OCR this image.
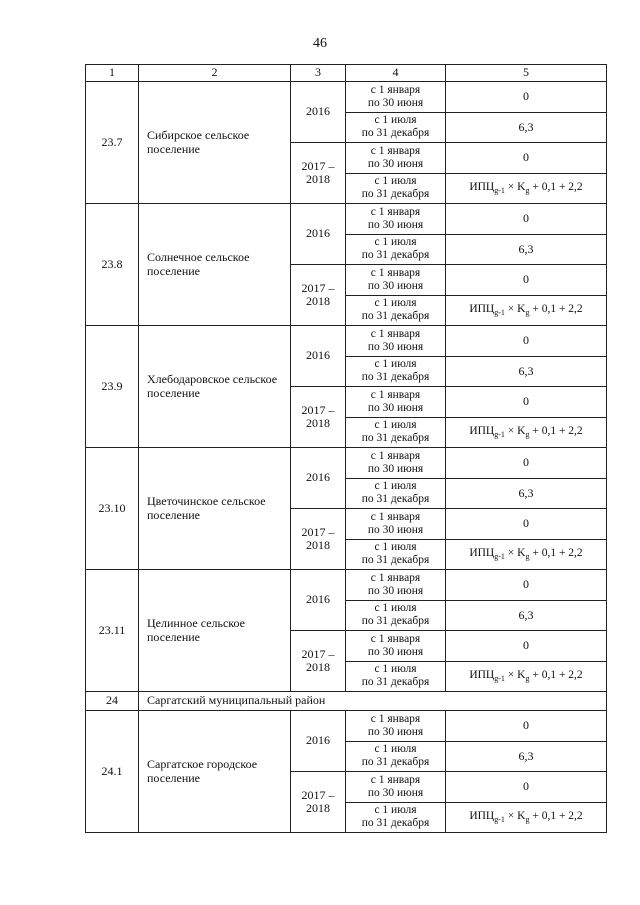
46
1	2	3	4	5
23.7	Сибирское сельское поселение	2016	с 1 января
по 30 июня	0
			с 1 июля
по 31 декабря	6,3
		2017 –
2018	с 1 января
по 30 июня	0
			с 1 июля
по 31 декабря	$ИПЦ_{g-1} \times K_g + 0,1 + 2,2$
23.8	Солнечное сельское поселение	2016	с 1 января
по 30 июня	0
			с 1 июля
по 31 декабря	6,3
		2017 –
2018	с 1 января
по 30 июня	0
			с 1 июля
по 31 декабря	$ИПЦ_{g-1} \times K_g + 0,1 + 2,2$
23.9	Хлебодаровское сельское поселение	2016	с 1 января
по 30 июня	0
			с 1 июля
по 31 декабря	6,3
		2017 –
2018	с 1 января
по 30 июня	0
			с 1 июля
по 31 декабря	$ИПЦ_{g-1} \times K_g + 0,1 + 2,2$
23.10	Цветочинское сельское поселение	2016	с 1 января
по 30 июня	0
			с 1 июля
по 31 декабря	6,3
		2017 –
2018	с 1 января
по 30 июня	0
			с 1 июля
по 31 декабря	$ИПЦ_{g-1} \times K_g + 0,1 + 2,2$
23.11	Целинное сельское поселение	2016	с 1 января
по 30 июня	0
			с 1 июля
по 31 декабря	6,3
		2017 –
2018	с 1 января
по 30 июня	0
			с 1 июля
по 31 декабря	$ИПЦ_{g-1} \times K_g + 0,1 + 2,2$
24	Саргатский муниципальный район			
24.1	Саргатское городское поселение	2016	с 1 января
по 30 июня	0
			с 1 июля
по 31 декабря	6,3
		2017 –
2018	с 1 января
по 30 июня	0
			с 1 июля
по 31 декабря	$ИПЦ_{g-1} \times K_g + 0,1 + 2,2$
